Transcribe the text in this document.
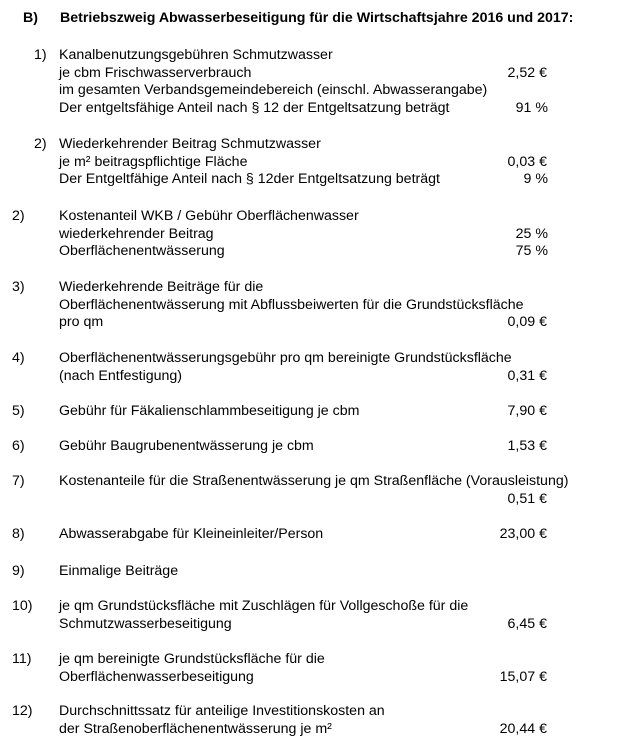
B) Betriebszweig Abwasserbeseitigung für die Wirtschaftsjahre 2016 und 2017:
1) Kanalbenutzungsgebühren Schmutzwasser
je cbm Frischwasserverbrauch	2,52 €
im gesamten Verbandsgemeindebereich (einschl. Abwasserangabe)
Der entgeltsfähige Anteil nach § 12 der Entgeltsatzung beträgt	91 %
2) Wiederkehrender Beitrag Schmutzwasser
je m² beitragspflichtige Fläche	0,03 €
Der Entgeltfähige Anteil nach § 12der Entgeltsatzung beträgt	9 %
2) Kostenanteil WKB / Gebühr Oberflächenwasser
wiederkehrender Beitrag	25 %
Oberflächenentwässerung	75 %
3) Wiederkehrende Beiträge für die
Oberflächenentwässerung mit Abflussbeiwerten für die Grundstücksfläche
pro qm	0,09 €
4) Oberflächenentwässerungsgebühr pro qm bereinigte Grundstücksfläche
(nach Entfestigung)	0,31 €
5) Gebühr für Fäkalienschlammbeseitigung je cbm	7,90 €
6) Gebühr Baugrubenentwässerung je cbm	1,53 €
7) Kostenanteile für die Straßenentwässerung je qm Straßenfläche (Vorausleistung)
0,51 €
8) Abwasserabgabe für Kleineinleiter/Person	23,00 €
9) Einmalige Beiträge
10) je qm Grundstücksfläche mit Zuschlägen für Vollgeschoße für die
Schmutzwasserbeseitigung	6,45 €
11) je qm bereinigte Grundstücksfläche für die
Oberflächenwasserbeseitigung	15,07 €
12) Durchschnittssatz für anteilige Investitionskosten an
der Straßenoberflächenentwässerung je m²	20,44 €
